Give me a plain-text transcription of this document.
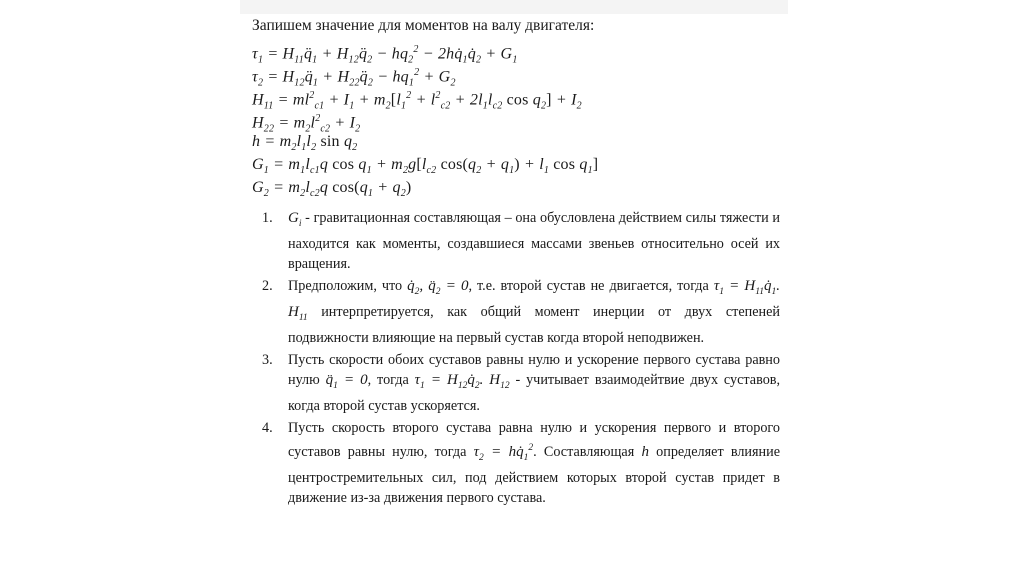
Запишем значение для моментов на валу двигателя:
$\tau_1$ = $H_{11}q̈_1$ + $H_{12}q̈_2 - hq_2^2$ − $2hq̇_1q̇_2 + G_1$
$\tau_2$ = $H_{12}q̈_1$ + $H_{22}q̈_2 - hq_1^2 + G_2$
$H_{11} = ml^2_{c1} + I_1 + m_2[l_1^2 + l^2_{c2} + 2l_1l_{c2}$ $\cos q_2] + I_2$
$H_{22} = m_2l^2_{c2} + I_2$
$h = m_2l_1l_2$ $\sin q_2$
$G_1 = m_1l_{c1}q$ $\cos q_1 + m_2g[l_{c2}$ $\cos(q_2 + q_1) + l_1$ $\cos q_1$]
$G_2 = m_2l_{c2}q$ $\cos(q_1 + q_2)$
1. $G_i$ - гравитационная составляющая – она обусловлена действием силы тяжести и находится как моменты, создавшиеся массами звеньев относительно осей их вращения.
2. Предположим, что $q̇_2$, $q̈_2 = 0$, т.е. второй сустав не двигается, тогда $\tau_1$ = $H_{11}q̇_1$. $H_{11}$ интерпретируется, как общий момент инерции от двух степеней подвижности влияющие на первый сустав когда второй неподвижен.
3. Пусть скорости обоих суставов равны нулю и ускорение первого сустава равно нулю $q̈_1 = 0$, тогда $\tau_1$ = $H_{12}q̇_2$. $H_{12}$ - учитывает взаимодейтвие двух суставов, когда второй сустав ускоряется.
4. Пусть скорость второго сустава равна нулю и ускорения первого и второго суставов равны нулю, тогда $\tau_2$ = $hq̇_1^2$. Составляющая h определяет влияние центростремительных сил, под действием которых второй сустав придет в движение из-за движения первого сустава.
